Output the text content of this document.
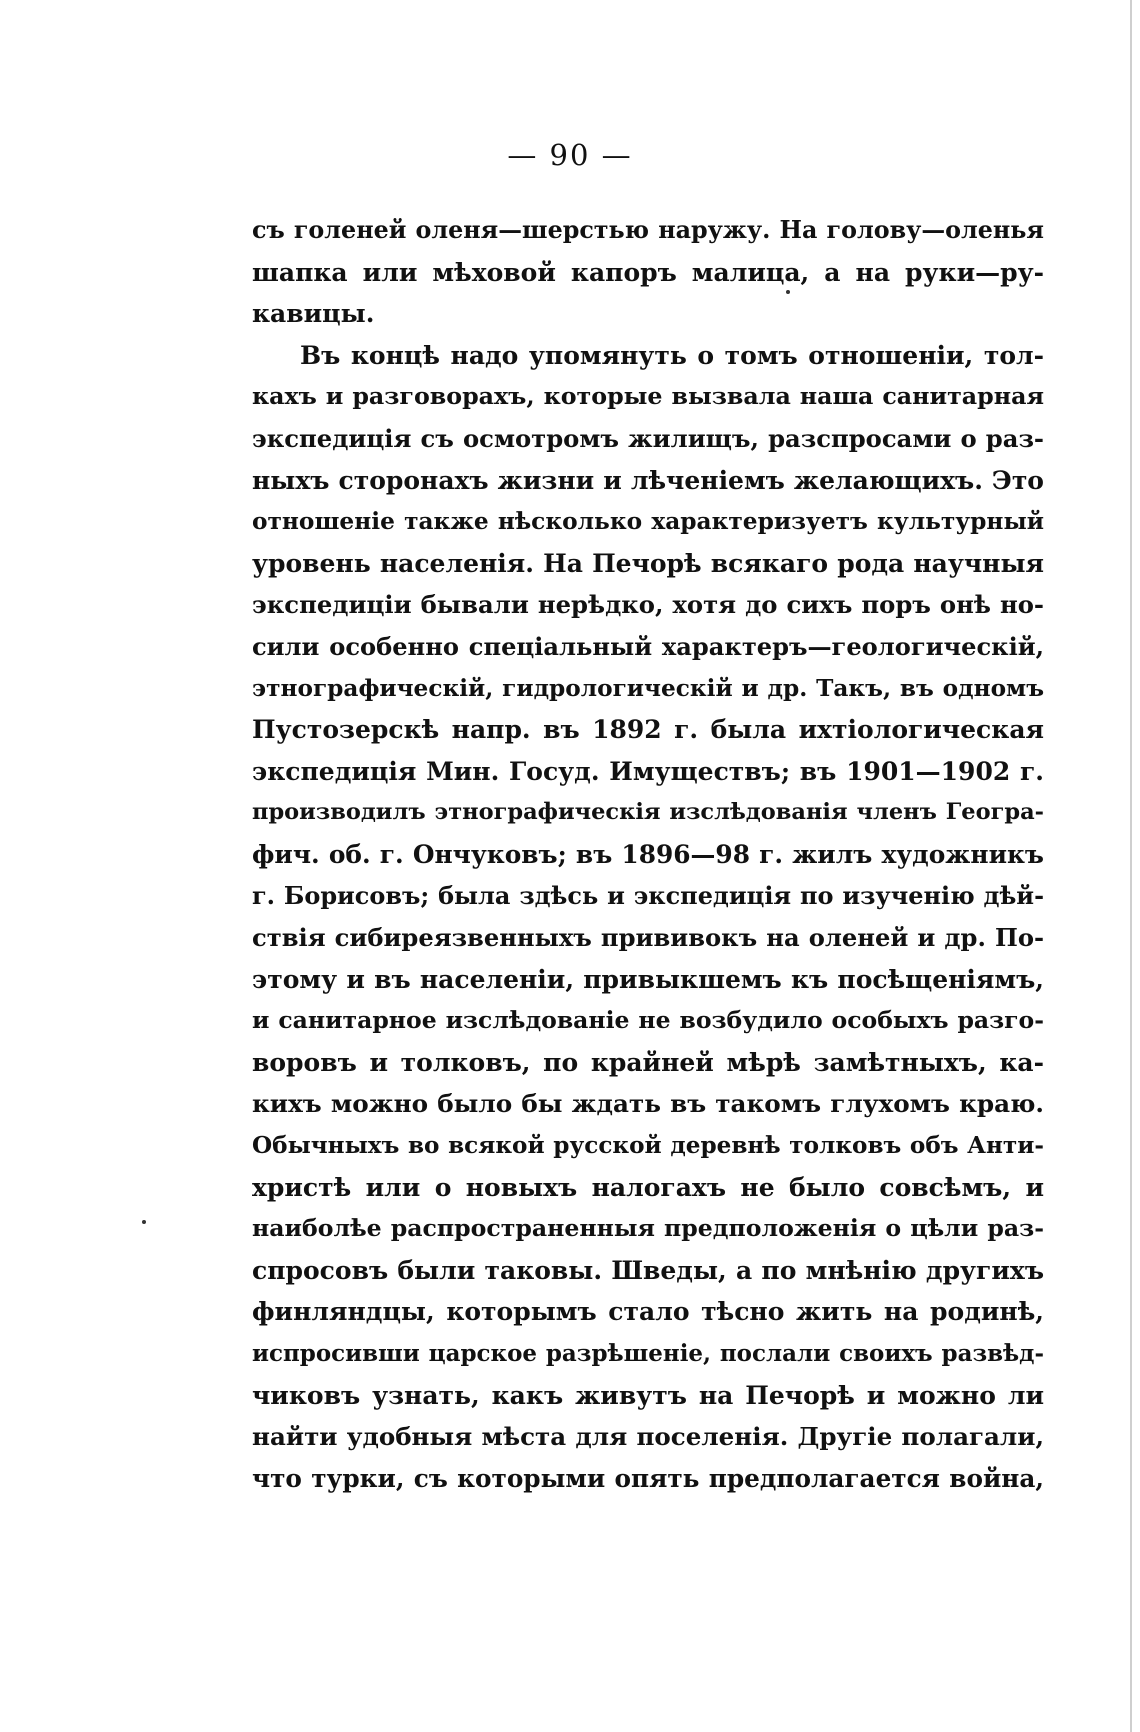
— 90 —
съ голеней оленя—шерстью наружу. На голову—оленья
шапка или мѣховой капоръ малица, а на руки—ру-
кавицы.
Въ концѣ надо упомянуть о томъ отношеніи, тол-
кахъ и разговорахъ, которые вызвала наша санитарная
экспедиція съ осмотромъ жилищъ, разспросами о раз-
ныхъ сторонахъ жизни и лѣченіемъ желающихъ. Это
отношеніе также нѣсколько характеризуетъ культурный
уровень населенія. На Печорѣ всякаго рода научныя
экспедиціи бывали нерѣдко, хотя до сихъ поръ онѣ но-
сили особенно спеціальный характеръ—геологическій,
этнографическій, гидрологическій и др. Такъ, въ одномъ
Пустозерскѣ напр. въ 1892 г. была ихтіологическая
экспедиція Мин. Госуд. Имуществъ; въ 1901—1902 г.
производилъ этнографическія изслѣдованія членъ Геогра-
фич. об. г. Ончуковъ; въ 1896—98 г. жилъ художникъ
г. Борисовъ; была здѣсь и экспедиція по изученію дѣй-
ствія сибиреязвенныхъ прививокъ на оленей и др. По-
этому и въ населеніи, привыкшемъ къ посѣщеніямъ,
и санитарное изслѣдованіе не возбудило особыхъ разго-
воровъ и толковъ, по крайней мѣрѣ замѣтныхъ, ка-
кихъ можно было бы ждать въ такомъ глухомъ краю.
Обычныхъ во всякой русской деревнѣ толковъ объ Анти-
христѣ или о новыхъ налогахъ не было совсѣмъ, и
наиболѣе распространенныя предположенія о цѣли раз-
спросовъ были таковы. Шведы, а по мнѣнію другихъ
финляндцы, которымъ стало тѣсно жить на родинѣ,
испросивши царское разрѣшеніе, послали своихъ развѣд-
чиковъ узнать, какъ живутъ на Печорѣ и можно ли
найти удобныя мѣста для поселенія. Другіе полагали,
что турки, съ которыми опять предполагается война,
